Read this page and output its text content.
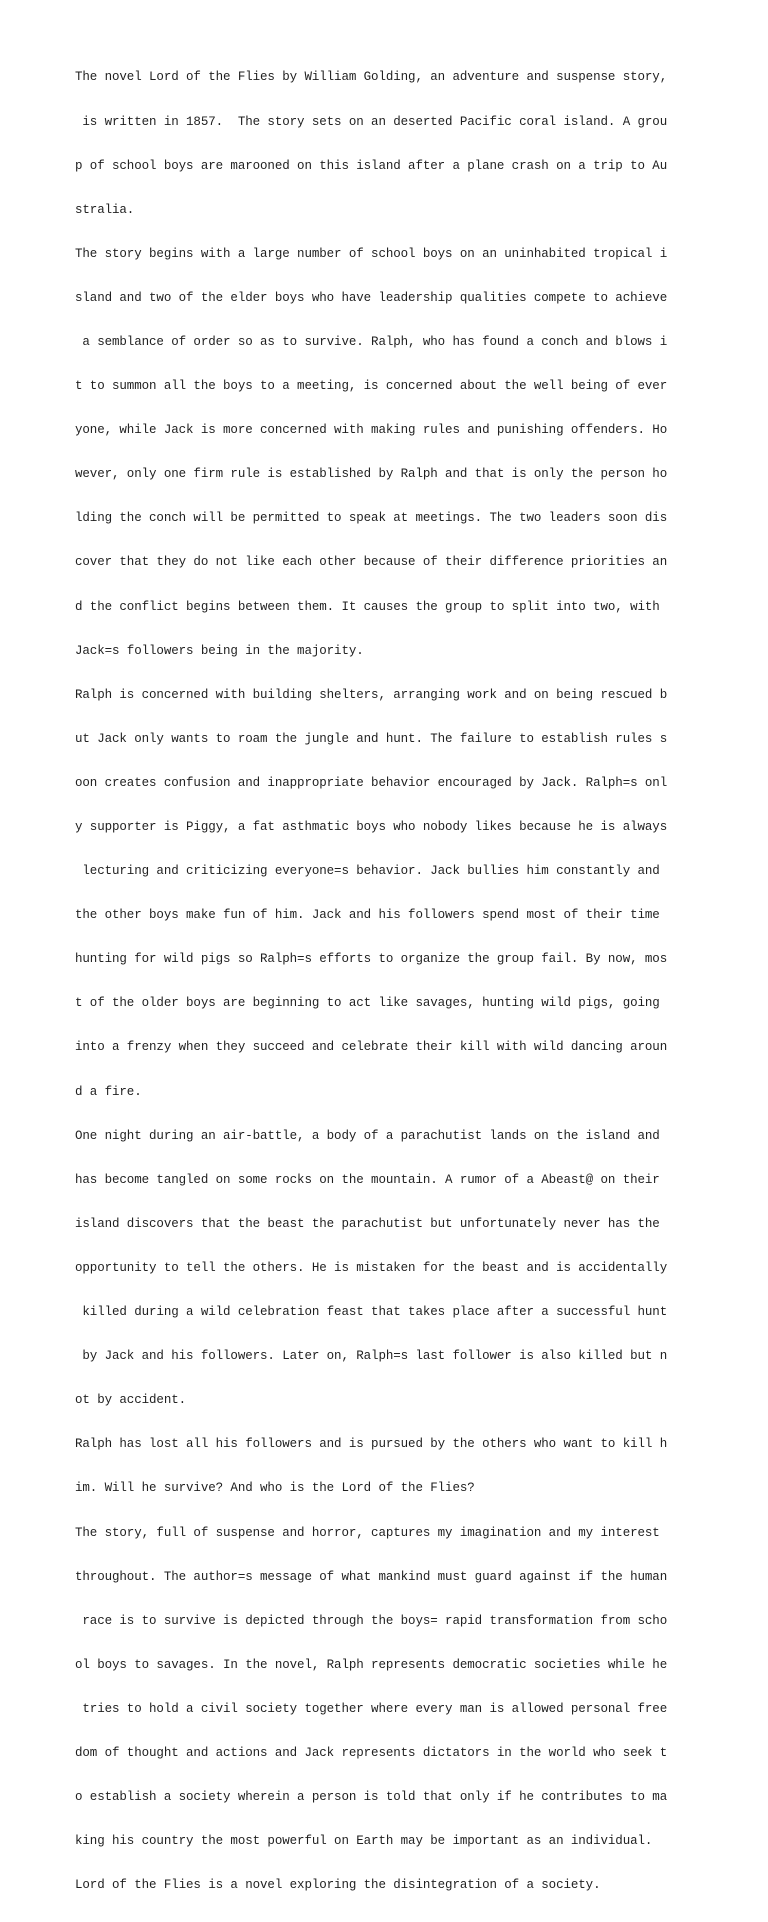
The novel Lord of the Flies by William Golding, an adventure and suspense story,

is written in 1857.  The story sets on an deserted Pacific coral island. A grou

p of school boys are marooned on this island after a plane crash on a trip to Au

stralia.

The story begins with a large number of school boys on an uninhabited tropical i

sland and two of the elder boys who have leadership qualities compete to achieve

a semblance of order so as to survive. Ralph, who has found a conch and blows i

t to summon all the boys to a meeting, is concerned about the well being of ever

yone, while Jack is more concerned with making rules and punishing offenders. Ho

wever, only one firm rule is established by Ralph and that is only the person ho

lding the conch will be permitted to speak at meetings. The two leaders soon dis

cover that they do not like each other because of their difference priorities an

d the conflict begins between them. It causes the group to split into two, with

Jack=s followers being in the majority.

Ralph is concerned with building shelters, arranging work and on being rescued b

ut Jack only wants to roam the jungle and hunt. The failure to establish rules s

oon creates confusion and inappropriate behavior encouraged by Jack. Ralph=s onl

y supporter is Piggy, a fat asthmatic boys who nobody likes because he is always

lecturing and criticizing everyone=s behavior. Jack bullies him constantly and

the other boys make fun of him. Jack and his followers spend most of their time

hunting for wild pigs so Ralph=s efforts to organize the group fail. By now, mos

t of the older boys are beginning to act like savages, hunting wild pigs, going

into a frenzy when they succeed and celebrate their kill with wild dancing aroun

d a fire.

One night during an air-battle, a body of a parachutist lands on the island and

has become tangled on some rocks on the mountain. A rumor of a Abeast@ on their

island discovers that the beast the parachutist but unfortunately never has the

opportunity to tell the others. He is mistaken for the beast and is accidentally

killed during a wild celebration feast that takes place after a successful hunt

by Jack and his followers. Later on, Ralph=s last follower is also killed but n

ot by accident.

Ralph has lost all his followers and is pursued by the others who want to kill h

im. Will he survive? And who is the Lord of the Flies?

The story, full of suspense and horror, captures my imagination and my interest

throughout. The author=s message of what mankind must guard against if the human

race is to survive is depicted through the boys= rapid transformation from scho

ol boys to savages. In the novel, Ralph represents democratic societies while he

tries to hold a civil society together where every man is allowed personal free

dom of thought and actions and Jack represents dictators in the world who seek t

o establish a society wherein a person is told that only if he contributes to ma

king his country the most powerful on Earth may be important as an individual.

Lord of the Flies is a novel exploring the disintegration of a society.
